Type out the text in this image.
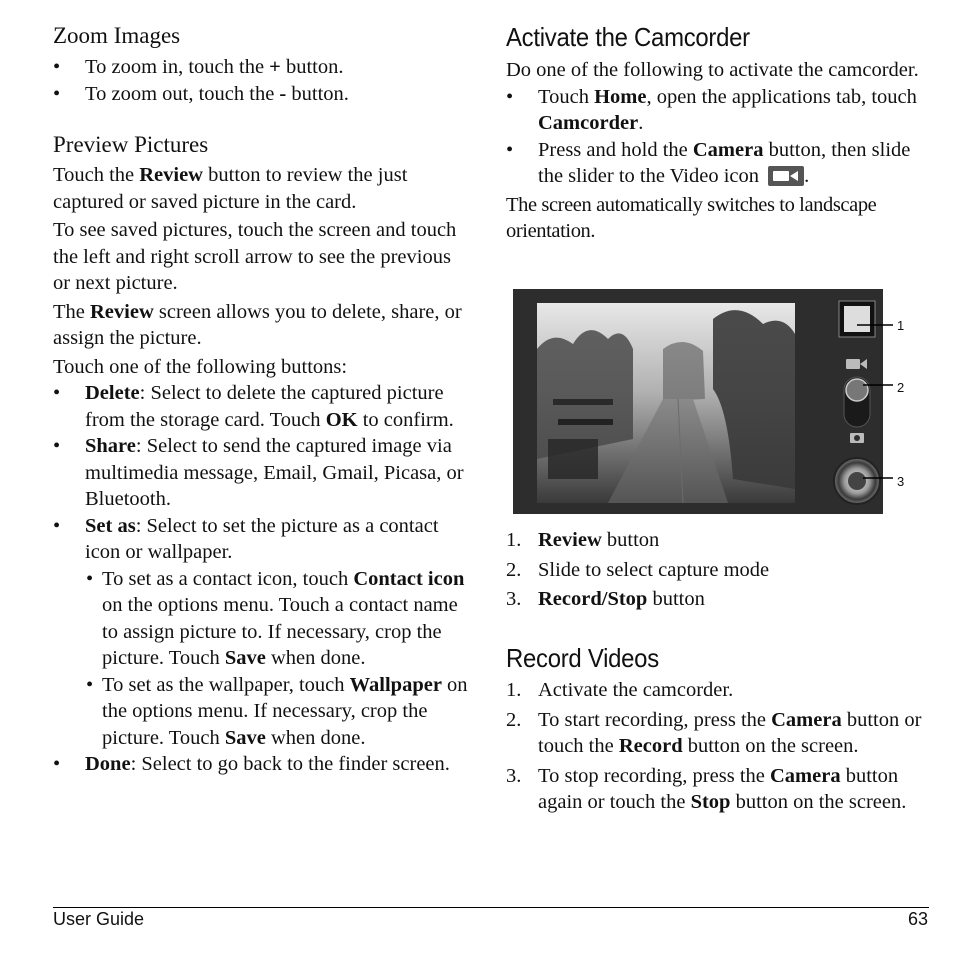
Zoom Images
•	To zoom in, touch the + button.
•	To zoom out, touch the - button.
Preview Pictures
Touch the Review button to review the just captured or saved picture in the card.
To see saved pictures, touch the screen and touch the left and right scroll arrow to see the previous or next picture.
The Review screen allows you to delete, share, or assign the picture.
Touch one of the following buttons:
•	Delete: Select to delete the captured picture from the storage card. Touch OK to confirm.
•	Share: Select to send the captured image via multimedia message, Email, Gmail, Picasa, or Bluetooth.
•	Set as: Select to set the picture as a contact icon or wallpaper.
• To set as a contact icon, touch Contact icon on the options menu. Touch a contact name to assign picture to. If necessary, crop the picture. Touch Save when done.
• To set as the wallpaper, touch Wallpaper on the options menu. If necessary, crop the picture. Touch Save when done.
•	Done: Select to go back to the finder screen.
Activate the Camcorder
Do one of the following to activate the camcorder.
•	Touch Home, open the applications tab, touch Camcorder.
•	Press and hold the Camera button, then slide the slider to the Video icon .
The screen automatically switches to landscape orientation.
1
2
3
1. Review button
2. Slide to select capture mode
3. Record/Stop button
Record Videos
1. Activate the camcorder.
2. To start recording, press the Camera button or touch the Record button on the screen.
3. To stop recording, press the Camera button again or touch the Stop button on the screen.
User Guide	63
